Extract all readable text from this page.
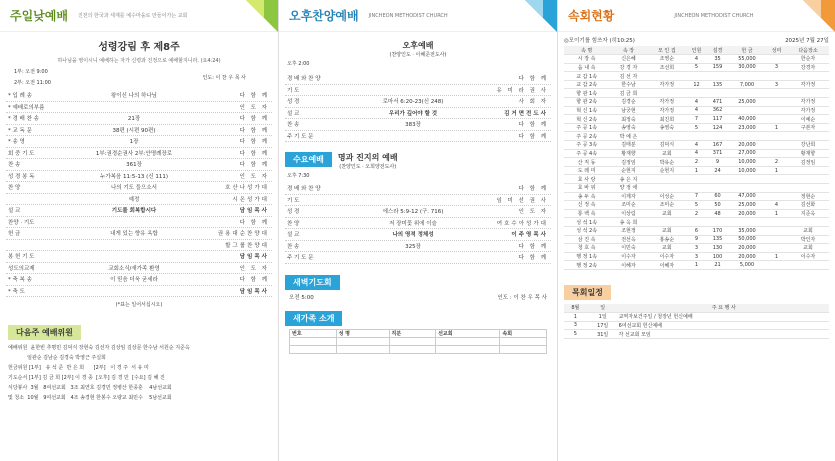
주일낮예배 진천의 한국과 세계를 예수마을로 만들어가는 교회
성령강림 후 제8주
하나님을 영이시니 예배하는 자가 신령과 진정으로 예배할지니라. (요4:24)
1부: 오전 9:00
2부: 오전 11:00
인도: 이 찬 우 목 사
* 입 례 송	왕이신 나의 하나님	다 함 께
* 예배로의부름	인 도 자
* 경 배 찬 송	21장	다 함 께
* 교 독 문	38편 (시편 90편)	다 함 께
* 송 영	1장	다 함 께
회 중 기 도	1부:권경순권사 2부:안명례장로	다 함 께
찬 송	361장	다 함 께
성 경 봉 독	누가복음 11:5-13 (신 111)	인 도 자
찬 양	나의 기도 들으소서	호산나성가대
예정	시온성가대
설 교	기도를 회복합시다	담임목사
찬양 · 기도	다 함 께
헌 금	내게 있는 향유 옥합	권용대순찬양대
할그룹찬양대
봉 헌 기 도	담임목사
성도의교제	교회소식/새가족 환영	인 도 자
* 축 복 송	이 믿음 더욱 굳세라	다 함 께
* 축 도	담임목사
(*표는 일어서십시오)
다음주 예배위원
예배위원  윤한빈 추명민 김덕식 장현숙 김선자 김상임 김상문 한수남 서원순 지준옥
임관순 김남순 김경숙 박영근 주실희
헌금위원 [1부]   유 석 준  반 은 희      [2부]   이 경 주  서 유 미
기도순서 [1부] 김 금 희 [2부] 이 경 종  [오후] 김 경 민  [수요] 김 혜 진
식당봉사  3월   8여선교회   3조 최연호 김경민 정병산 한종훈    4남선교회
및 청소  10월   9여선교회   4조 송경현 한봉수 오량교 최민수    5남선교회
오후찬양예배 JINCHEON METHODIST CHURCH
오후예배
(찬양인도 · 이혜준전도사)
오후 2:00
경 배 와 찬 양	다 함 께
기 도	유 미 라 권 사
성 경	로마서 6:20-23(신 248)	사 회 자
설 교	우리가 깊어야 할 것	김거면전도사
찬 송	383장	다 함 께
주 기 도 문	다 함 께
수요예배	명과 진지의 예배
(찬양인도 · 오희양전도사)
오후 7:30
경 배 와 찬 양	다 함 께
기 도	임 미 선 권 사
성 경	에스라 5:9-12 (구. 716)	인 도 자
찬 양	저 장미꽃 위에 이슬	여호수아성가대
설 교	나의 영적 정체성	이주영목사
찬 송	325장	다 함 께
주 기 도 문	다 함 께
새벽기도회
오전 5:00	인도 : 이 찬 우 목 사
새가족 소개
번호	성 명	직분	선교회	속회

속회현황	JINCHEON METHODIST CHURCH
◎모이기를 힘쓰자 (히10:25)	2025년 7월 27일
속 명	속 장	모 인 집	인원	설경	헌 금	성미	다음장소
시 장 속	신은혜	조영순	4	35	55,000		한순자
읍 내 속	강 경 자	조선희	5	159	30,000	3	강경자
교 갑 1속	김 선 자						
교 갑 2속	한수남	각가정	12	135	7,000	3	각가정
향 관 1속	김 금 희						
향 관 2속	김경순	각가정	4	471	25,000		각가정
혁 신 1속	남궁현	각가정	4	362			각가정
혁 신 2속	최정숙	최진희	7	117	40,000		이예순
주 공 1속	송영숙	송영숙	5	124	23,000	1	구본자
주 공 2속	박 예 은						
주 공 3속	김태분	김덕식	4	167	20,000		강난희
주 공 4속	황재향	교회	4	371	27,000		황재향
산 직 동	김정임	박유순	2	9	10,000	2	김정임
도 레 미	순현지	순현지	1	24	10,000	1	
효 사 랑	송 은 지						
효 바 위	양 정 애						
송 두 속	이계자	이성순	7	60	47,000		정현순
신 정 속	조미순	조미순	5	50	25,000	4	김선화
통 백 속	이상림	교회	2	48	20,000	1	지준옥
성 석 1속	송 옥 희						
성 석 2속	조현정	교회	6	170	35,000		교회
삼 진 속	전선옥	홍송순	9	135	50,000		박인자
청 호 속	이민숙	교회	3	130	20,000		교회
행 정 1속	이수자	이수자	3	100	20,000	1	이수자
행 정 2속	이혜자	이혜자	1	21	5,000		
목회일정
8월	일	주 요 행 사
1	1일	교역자보건주일 / 청장년 헌신예배
3	17일	6여선교회 헌신예배
5	31일	각 선교회 모임
